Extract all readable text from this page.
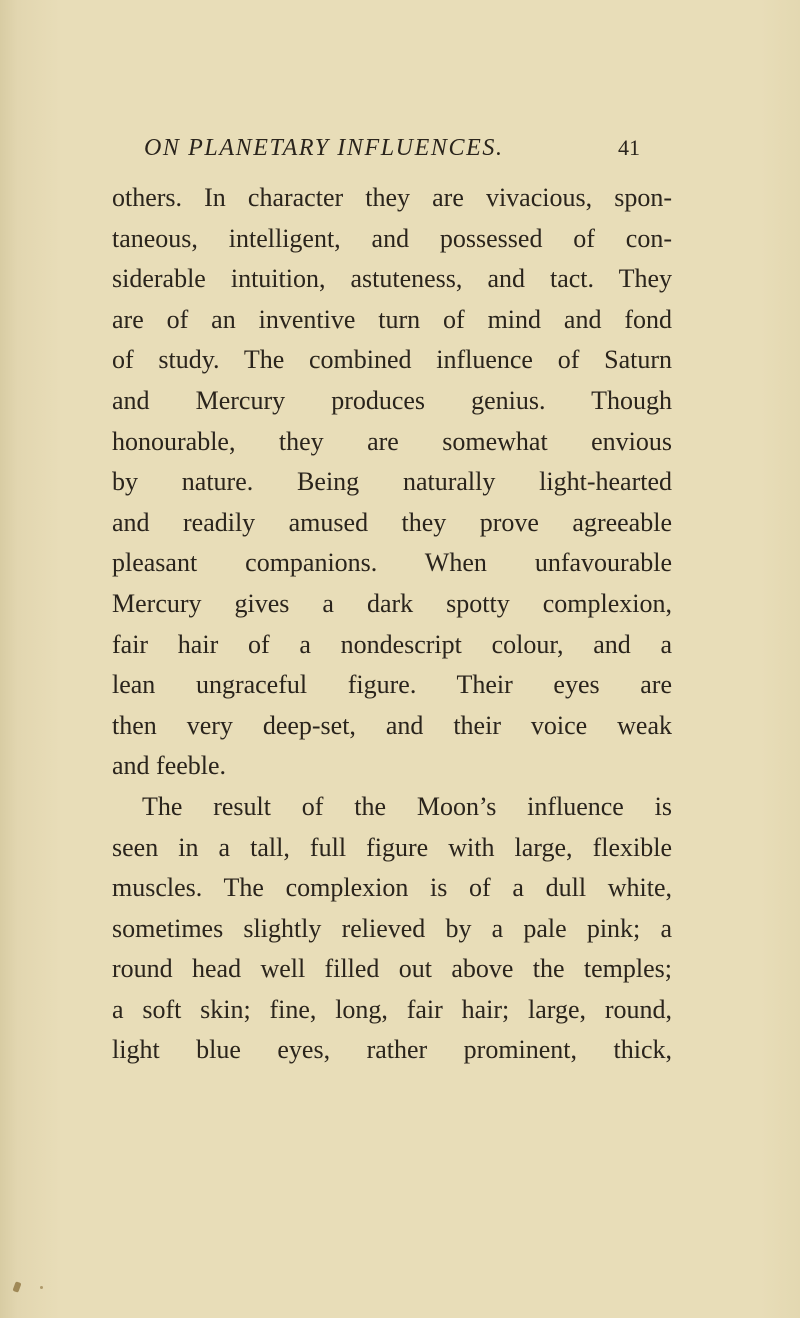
ON PLANETARY INFLUENCES.	41
others. In character they are vivacious, spon-
taneous, intelligent, and possessed of con-
siderable intuition, astuteness, and tact. They
are of an inventive turn of mind and fond
of study. The combined influence of Saturn
and Mercury produces genius. Though
honourable, they are somewhat envious
by nature. Being naturally light-hearted
and readily amused they prove agreeable
pleasant companions. When unfavourable
Mercury gives a dark spotty complexion,
fair hair of a nondescript colour, and a
lean ungraceful figure. Their eyes are
then very deep-set, and their voice weak
and feeble.
The result of the Moon’s influence is
seen in a tall, full figure with large, flexible
muscles. The complexion is of a dull white,
sometimes slightly relieved by a pale pink; a
round head well filled out above the temples;
a soft skin; fine, long, fair hair; large, round,
light blue eyes, rather prominent, thick,
